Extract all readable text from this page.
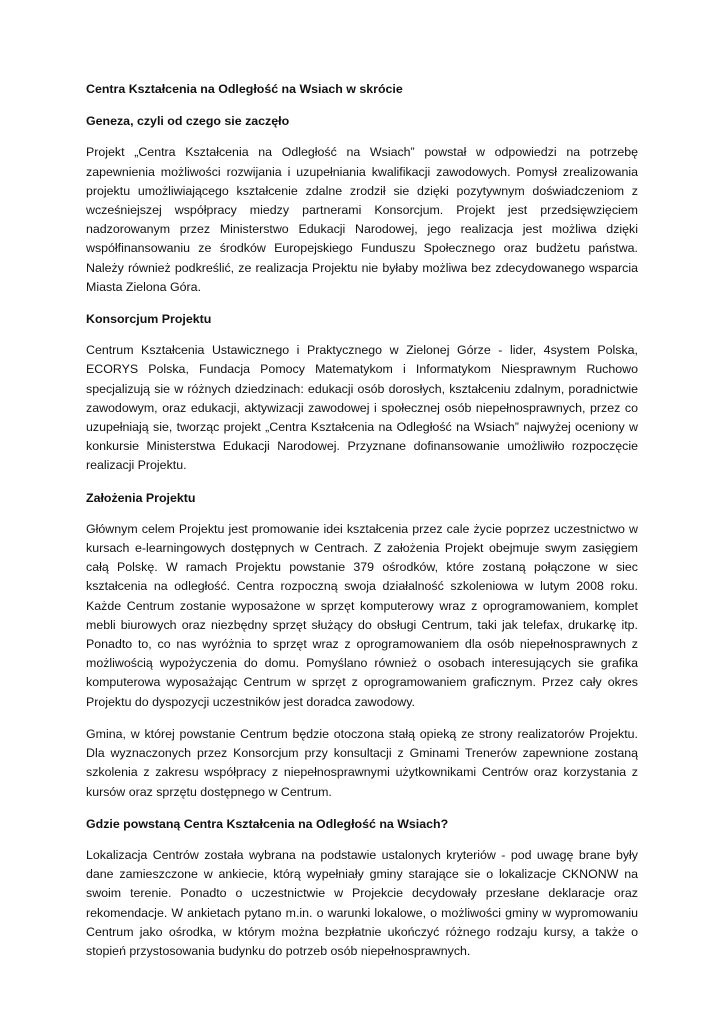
Centra Kształcenia na Odległość na Wsiach w skrócie
Geneza, czyli od czego sie zaczęło
Projekt „Centra Kształcenia na Odległość na Wsiach” powstał w odpowiedzi na potrzebę zapewnienia możliwości rozwijania i uzupełniania kwalifikacji zawodowych. Pomysł zrealizowania projektu umożliwiającego kształcenie zdalne zrodził sie dzięki pozytywnym doświadczeniom z wcześniejszej współpracy miedzy partnerami Konsorcjum. Projekt jest przedsięwzięciem nadzorowanym przez Ministerstwo Edukacji Narodowej, jego realizacja jest możliwa dzięki współfinansowaniu ze środków Europejskiego Funduszu Społecznego oraz budżetu państwa. Należy również podkreślić, ze realizacja Projektu nie byłaby możliwa bez zdecydowanego wsparcia Miasta Zielona Góra.
Konsorcjum Projektu
Centrum Kształcenia Ustawicznego i Praktycznego w Zielonej Górze - lider, 4system Polska, ECORYS Polska, Fundacja Pomocy Matematykom i Informatykom Niesprawnym Ruchowo specjalizują sie w różnych dziedzinach: edukacji osób dorosłych, kształceniu zdalnym, poradnictwie zawodowym, oraz edukacji, aktywizacji zawodowej i społecznej osób niepełnosprawnych, przez co uzupełniają sie, tworząc projekt „Centra Kształcenia na Odległość na Wsiach” najwyżej oceniony w konkursie Ministerstwa Edukacji Narodowej. Przyznane dofinansowanie umożliwiło rozpoczęcie realizacji Projektu.
Założenia Projektu
Głównym celem Projektu jest promowanie idei kształcenia przez cale życie poprzez uczestnictwo w kursach e-learningowych dostępnych w Centrach. Z założenia Projekt obejmuje swym zasięgiem całą Polskę. W ramach Projektu powstanie 379 ośrodków, które zostaną połączone w siec kształcenia na odległość. Centra rozpoczną swoja działalność szkoleniowa w lutym 2008 roku. Każde Centrum zostanie wyposażone w sprzęt komputerowy wraz z oprogramowaniem, komplet mebli biurowych oraz niezbędny sprzęt służący do obsługi Centrum, taki jak telefax, drukarkę itp. Ponadto to, co nas wyróżnia to sprzęt wraz z oprogramowaniem dla osób niepełnosprawnych z możliwością wypożyczenia do domu. Pomyślano również o osobach interesujących sie grafika komputerowa wyposażając Centrum w sprzęt z oprogramowaniem graficznym. Przez cały okres Projektu do dyspozycji uczestników jest doradca zawodowy.
Gmina, w której powstanie Centrum będzie otoczona stałą opieką ze strony realizatorów Projektu. Dla wyznaczonych przez Konsorcjum przy konsultacji z Gminami Trenerów zapewnione zostaną szkolenia z zakresu współpracy z niepełnosprawnymi użytkownikami Centrów oraz korzystania z kursów oraz sprzętu dostępnego w Centrum.
Gdzie powstaną Centra Kształcenia na Odległość na Wsiach?
Lokalizacja Centrów została wybrana na podstawie ustalonych kryteriów - pod uwagę brane były dane zamieszczone w ankiecie, którą wypełniały gminy starające sie o lokalizacje CKNONW na swoim terenie. Ponadto o uczestnictwie w Projekcie decydowały przesłane deklaracje oraz rekomendacje. W ankietach pytano m.in. o warunki lokalowe, o możliwości gminy w wypromowaniu Centrum jako ośrodka, w którym można bezpłatnie ukończyć różnego rodzaju kursy, a także o stopień przystosowania budynku do potrzeb osób niepełnosprawnych.
